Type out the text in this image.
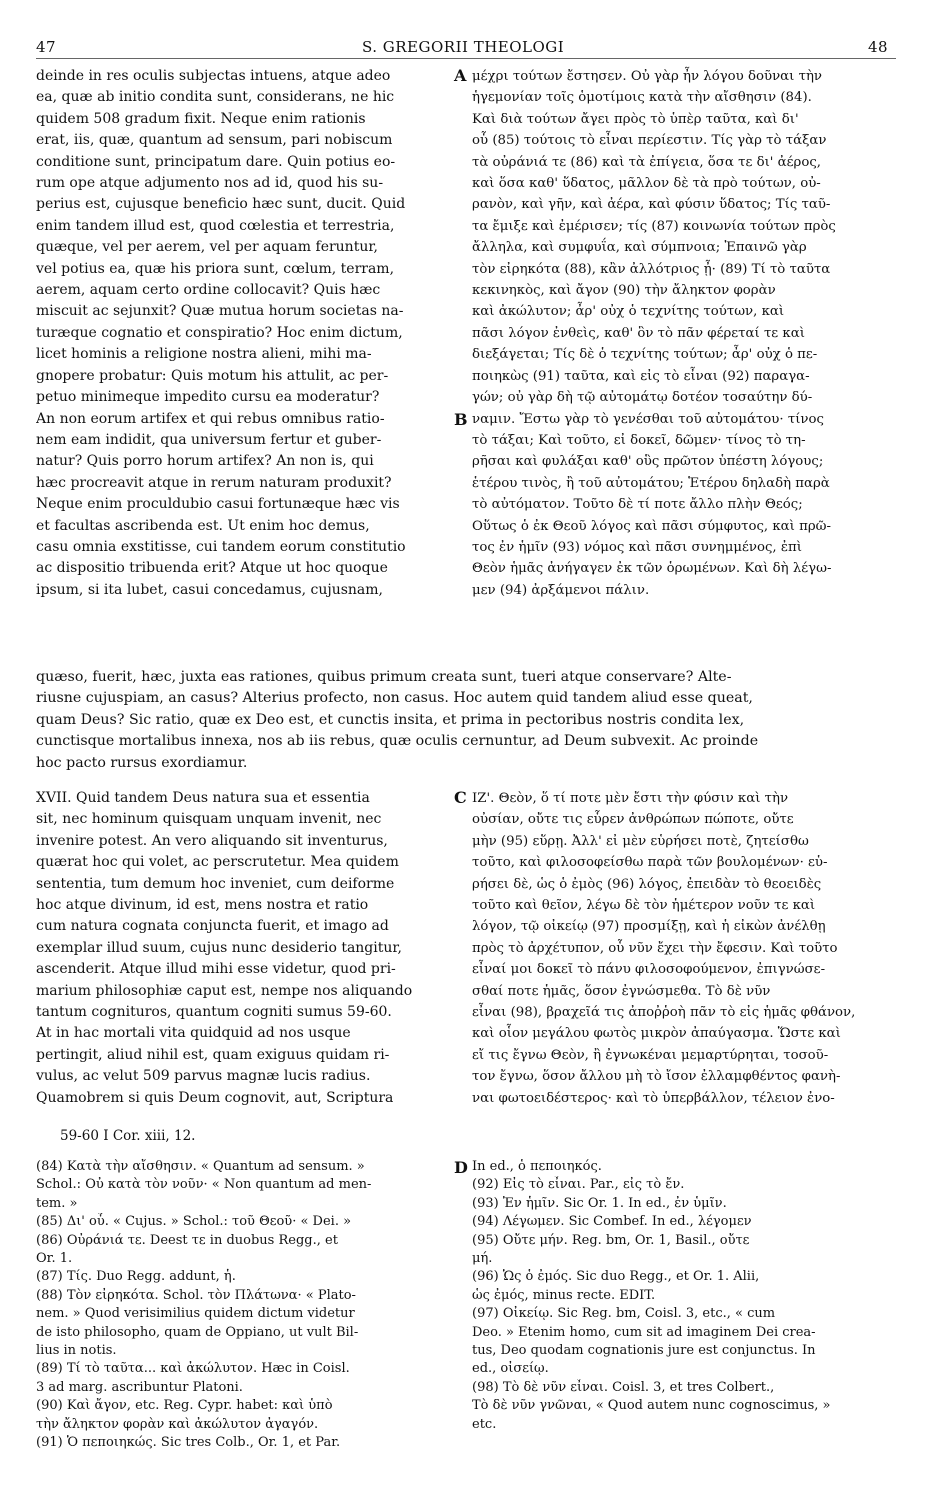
47	S. GREGORII THEOLOGI	48
A
B
C
D
deinde in res oculis subjectas intuens, atque adeo
ea, quæ ab initio condita sunt, considerans, ne hic
quidem 508 gradum fixit. Neque enim rationis
erat, iis, quæ, quantum ad sensum, pari nobiscum
conditione sunt, principatum dare. Quin potius eo-
rum ope atque adjumento nos ad id, quod his su-
perius est, cujusque beneficio hæc sunt, ducit. Quid
enim tandem illud est, quod cœlestia et terrestria,
quæque, vel per aerem, vel per aquam feruntur,
vel potius ea, quæ his priora sunt, cœlum, terram,
aerem, aquam certo ordine collocavit? Quis hæc
miscuit ac sejunxit? Quæ mutua horum societas na-
turæque cognatio et conspiratio? Hoc enim dictum,
licet hominis a religione nostra alieni, mihi ma-
gnopere probatur: Quis motum his attulit, ac per-
petuo minimeque impedito cursu ea moderatur?
An non eorum artifex et qui rebus omnibus ratio-
nem eam indidit, qua universum fertur et guber-
natur? Quis porro horum artifex? An non is, qui
hæc procreavit atque in rerum naturam produxit?
Neque enim proculdubio casui fortunæque hæc vis
et facultas ascribenda est. Ut enim hoc demus,
casu omnia exstitisse, cui tandem eorum constitutio
ac dispositio tribuenda erit? Atque ut hoc quoque
ipsum, si ita lubet, casui concedamus, cujusnam,
μέχρι τούτων ἔστησεν. Οὐ γὰρ ἦν λόγου δοῦναι τὴν
ἡγεμονίαν τοῖς ὁμοτίμοις κατὰ τὴν αἴσθησιν (84).
Καὶ διὰ τούτων ἄγει πρὸς τὸ ὑπὲρ ταῦτα, καὶ δι'
οὗ (85) τούτοις τὸ εἶναι περίεστιν. Τίς γὰρ τὸ τάξαν
τὰ οὐράνιά τε (86) καὶ τὰ ἐπίγεια, ὅσα τε δι' ἀέρος,
καὶ ὅσα καθ' ὕδατος, μᾶλλον δὲ τὰ πρὸ τούτων, οὐ-
ρανὸν, καὶ γῆν, καὶ ἀέρα, καὶ φύσιν ὕδατος; Τίς ταῦ-
τα ἔμιξε καὶ ἐμέρισεν; τίς (87) κοινωνία τούτων πρὸς
ἄλληλα, καὶ συμφυΐα, καὶ σύμπνοια; Ἐπαινῶ γὰρ
τὸν εἰρηκότα (88), κἂν ἀλλότριος ᾖ· (89) Τί τὸ ταῦτα
κεκινηκὸς, καὶ ἄγον (90) τὴν ἄληκτον φορὰν
καὶ ἀκώλυτον; ἆρ' οὐχ ὁ τεχνίτης τούτων, καὶ
πᾶσι λόγον ἐνθεὶς, καθ' ὃν τὸ πᾶν φέρεταί τε καὶ
διεξάγεται; Τίς δὲ ὁ τεχνίτης τούτων; ἆρ' οὐχ ὁ πε-
ποιηκὼς (91) ταῦτα, καὶ εἰς τὸ εἶναι (92) παραγα-
γών; οὐ γὰρ δὴ τῷ αὐτομάτῳ δοτέον τοσαύτην δύ-
ναμιν. Ἔστω γὰρ τὸ γενέσθαι τοῦ αὐτομάτου· τίνος
τὸ τάξαι; Καὶ τοῦτο, εἰ δοκεῖ, δῶμεν· τίνος τὸ τη-
ρῆσαι καὶ φυλάξαι καθ' οὓς πρῶτον ὑπέστη λόγους;
ἑτέρου τινὸς, ἢ τοῦ αὐτομάτου; Ἑτέρου δηλαδὴ παρὰ
τὸ αὐτόματον. Τοῦτο δὲ τί ποτε ἄλλο πλὴν Θεός;
Οὕτως ὁ ἐκ Θεοῦ λόγος καὶ πᾶσι σύμφυτος, καὶ πρῶ-
τος ἐν ἡμῖν (93) νόμος καὶ πᾶσι συνημμένος, ἐπὶ
Θεὸν ἡμᾶς ἀνήγαγεν ἐκ τῶν ὁρωμένων. Καὶ δὴ λέγω-
μεν (94) ἀρξάμενοι πάλιν.
quæso, fuerit, hæc, juxta eas rationes, quibus primum creata sunt, tueri atque conservare? Alte-
riusne cujuspiam, an casus? Alterius profecto, non casus. Hoc autem quid tandem aliud esse queat,
quam Deus? Sic ratio, quæ ex Deo est, et cunctis insita, et prima in pectoribus nostris condita lex,
cunctisque mortalibus innexa, nos ab iis rebus, quæ oculis cernuntur, ad Deum subvexit. Ac proinde
hoc pacto rursus exordiamur.
XVII. Quid tandem Deus natura sua et essentia
sit, nec hominum quisquam unquam invenit, nec
invenire potest. An vero aliquando sit inventurus,
quærat hoc qui volet, ac perscrutetur. Mea quidem
sententia, tum demum hoc inveniet, cum deiforme
hoc atque divinum, id est, mens nostra et ratio
cum natura cognata conjuncta fuerit, et imago ad
exemplar illud suum, cujus nunc desiderio tangitur,
ascenderit. Atque illud mihi esse videtur, quod pri-
marium philosophiæ caput est, nempe nos aliquando
tantum cognituros, quantum cogniti sumus 59-60.
At in hac mortali vita quidquid ad nos usque
pertingit, aliud nihil est, quam exiguus quidam ri-
vulus, ac velut 509 parvus magnæ lucis radius.
Quamobrem si quis Deum cognovit, aut, Scriptura
ΙΖ'. Θεὸν, ὅ τί ποτε μὲν ἔστι τὴν φύσιν καὶ τὴν
οὐσίαν, οὔτε τις εὗρεν ἀνθρώπων πώποτε, οὔτε
μὴν (95) εὕρῃ. Ἀλλ' εἰ μὲν εὑρήσει ποτὲ, ζητείσθω
τοῦτο, καὶ φιλοσοφείσθω παρὰ τῶν βουλομένων· εὑ-
ρήσει δὲ, ὡς ὁ ἐμὸς (96) λόγος, ἐπειδὰν τὸ θεοειδὲς
τοῦτο καὶ θεῖον, λέγω δὲ τὸν ἡμέτερον νοῦν τε καὶ
λόγον, τῷ οἰκείῳ (97) προσμίξῃ, καὶ ἡ εἰκὼν ἀνέλθῃ
πρὸς τὸ ἀρχέτυπον, οὗ νῦν ἔχει τὴν ἔφεσιν. Καὶ τοῦτο
εἶναί μοι δοκεῖ τὸ πάνυ φιλοσοφούμενον, ἐπιγνώσε-
σθαί ποτε ἡμᾶς, ὅσον ἐγνώσμεθα. Τὸ δὲ νῦν
εἶναι (98), βραχεῖά τις ἀποῤῥοὴ πᾶν τὸ εἰς ἡμᾶς φθάνον,
καὶ οἷον μεγάλου φωτὸς μικρὸν ἀπαύγασμα. Ὥστε καὶ
εἴ τις ἔγνω Θεὸν, ἢ ἐγνωκέναι μεμαρτύρηται, τοσοῦ-
τον ἔγνω, ὅσον ἄλλου μὴ τὸ ἴσον ἐλλαμφθέντος φανὴ-
ναι φωτοειδέστερος· καὶ τὸ ὑπερβάλλον, τέλειον ἐνο-
59-60 I Cor. xiii, 12.
(84) Κατὰ τὴν αἴσθησιν. « Quantum ad sensum. »
Schol.: Οὐ κατὰ τὸν νοῦν· « Non quantum ad men-
tem. »
(85) Δι' οὗ. « Cujus. » Schol.: τοῦ Θεοῦ· « Dei. »
(86) Οὐράνιά τε. Deest τε in duobus Regg., et
Or. 1.
(87) Τίς. Duo Regg. addunt, ἡ.
(88) Τὸν εἰρηκότα. Schol. τὸν Πλάτωνα· « Plato-
nem. » Quod verisimilius quidem dictum videtur
de isto philosopho, quam de Oppiano, ut vult Bil-
lius in notis.
(89) Τί τὸ ταῦτα... καὶ ἀκώλυτον. Hæc in Coisl.
3 ad marg. ascribuntur Platoni.
(90) Καὶ ἄγον, etc. Reg. Cypr. habet: καὶ ὑπὸ
τὴν ἄληκτον φορὰν καὶ ἀκώλυτον ἀγαγόν.
(91) Ὁ πεποιηκώς. Sic tres Colb., Or. 1, et Par.
In ed., ὁ πεποιηκός.
(92) Εἰς τὸ εἶναι. Par., εἰς τὸ ἔν.
(93) Ἐν ἡμῖν. Sic Or. 1. In ed., ἐν ὑμῖν.
(94) Λέγωμεν. Sic Combef. In ed., λέγομεν
(95) Οὔτε μήν. Reg. bm, Or. 1, Basil., οὔτε
μή.
(96) Ὡς ὁ ἐμός. Sic duo Regg., et Or. 1. Alii,
ὡς ἐμός, minus recte. EDIT.
(97) Οἰκείῳ. Sic Reg. bm, Coisl. 3, etc., « cum
Deo. » Etenim homo, cum sit ad imaginem Dei crea-
tus, Deo quodam cognationis jure est conjunctus. In
ed., οἰσείῳ.
(98) Τὸ δὲ νῦν εἶναι. Coisl. 3, et tres Colbert.,
Τὸ δὲ νῦν γνῶναι, « Quod autem nunc cognoscimus, »
etc.
